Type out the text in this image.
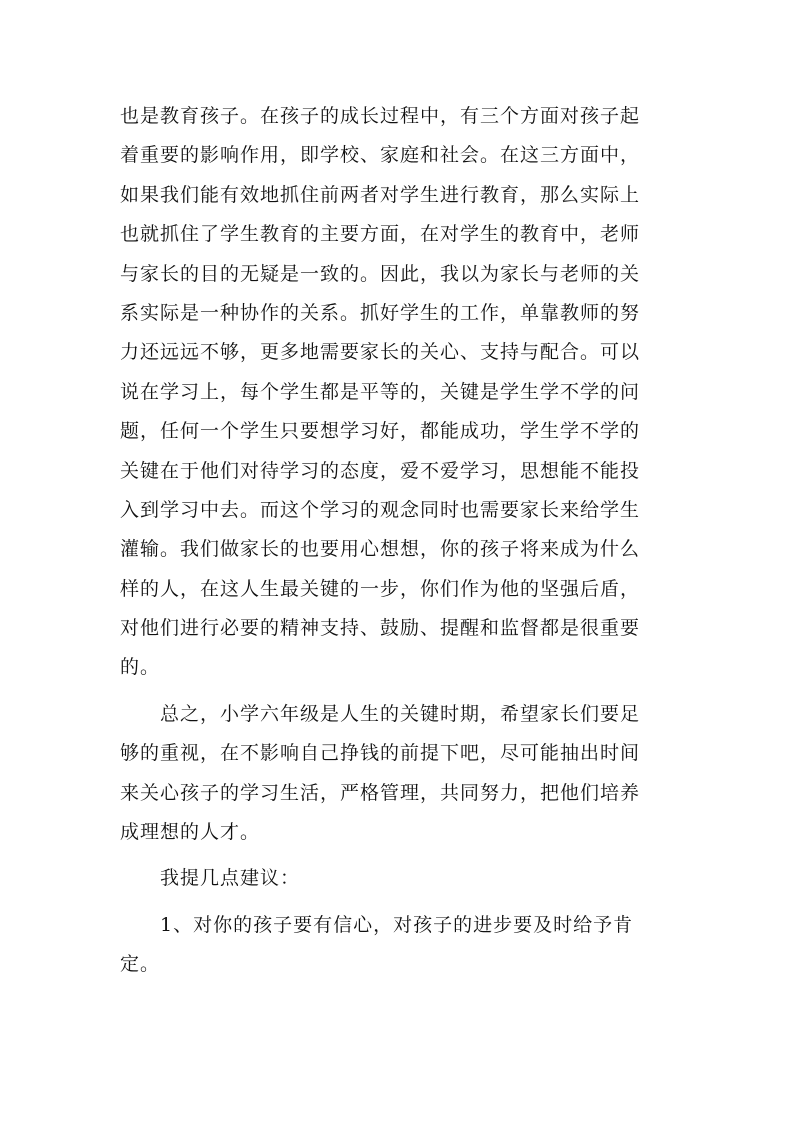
也是教育孩子。在孩子的成长过程中，有三个方面对孩子起
着重要的影响作用，即学校、家庭和社会。在这三方面中，
如果我们能有效地抓住前两者对学生进行教育，那么实际上
也就抓住了学生教育的主要方面，在对学生的教育中，老师
与家长的目的无疑是一致的。因此，我以为家长与老师的关
系实际是一种协作的关系。抓好学生的工作，单靠教师的努
力还远远不够，更多地需要家长的关心、支持与配合。可以
说在学习上，每个学生都是平等的，关键是学生学不学的问
题，任何一个学生只要想学习好，都能成功，学生学不学的
关键在于他们对待学习的态度，爱不爱学习，思想能不能投
入到学习中去。而这个学习的观念同时也需要家长来给学生
灌输。我们做家长的也要用心想想，你的孩子将来成为什么
样的人，在这人生最关键的一步，你们作为他的坚强后盾，
对他们进行必要的精神支持、鼓励、提醒和监督都是很重要
的。
　　总之，小学六年级是人生的关键时期，希望家长们要足
够的重视，在不影响自己挣钱的前提下吧，尽可能抽出时间
来关心孩子的学习生活，严格管理，共同努力，把他们培养
成理想的人才。
　　我提几点建议：
　　1、对你的孩子要有信心，对孩子的进步要及时给予肯
定。
